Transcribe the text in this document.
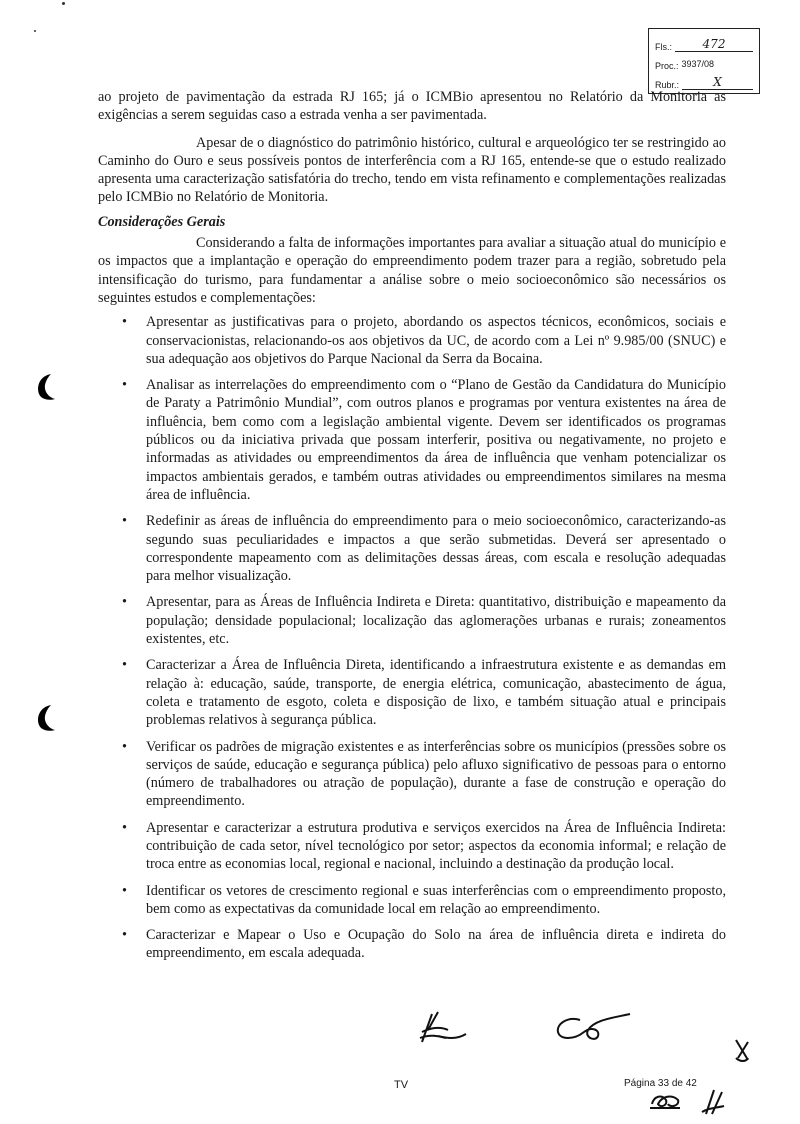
Fls.:	472
Proc.: 3937/08
Rubr.:	X

ao projeto de pavimentação da estrada RJ 165; já o ICMBio apresentou no Relatório da Monitoria as exigências a serem seguidas caso a estrada venha a ser pavimentada.

Apesar de o diagnóstico do patrimônio histórico, cultural e arqueológico ter se restringido ao Caminho do Ouro e seus possíveis pontos de interferência com a RJ 165, entende-se que o estudo realizado apresenta uma caracterização satisfatória do trecho, tendo em vista refinamento e complementações realizadas pelo ICMBio no Relatório de Monitoria.

Considerações Gerais

Considerando a falta de informações importantes para avaliar a situação atual do município e os impactos que a implantação e operação do empreendimento podem trazer para a região, sobretudo pela intensificação do turismo, para fundamentar a análise sobre o meio socioeconômico são necessários os seguintes estudos e complementações:

• Apresentar as justificativas para o projeto, abordando os aspectos técnicos, econômicos, sociais e conservacionistas, relacionando-os aos objetivos da UC, de acordo com a Lei nº 9.985/00 (SNUC) e sua adequação aos objetivos do Parque Nacional da Serra da Bocaina.
• Analisar as interrelações do empreendimento com o “Plano de Gestão da Candidatura do Município de Paraty a Patrimônio Mundial”, com outros planos e programas por ventura existentes na área de influência, bem como com a legislação ambiental vigente. Devem ser identificados os programas públicos ou da iniciativa privada que possam interferir, positiva ou negativamente, no projeto e informadas as atividades ou empreendimentos da área de influência que venham potencializar os impactos ambientais gerados, e também outras atividades ou empreendimentos similares na mesma área de influência.
• Redefinir as áreas de influência do empreendimento para o meio socioeconômico, caracterizando-as segundo suas peculiaridades e impactos a que serão submetidas. Deverá ser apresentado o correspondente mapeamento com as delimitações dessas áreas, com escala e resolução adequadas para melhor visualização.
• Apresentar, para as Áreas de Influência Indireta e Direta: quantitativo, distribuição e mapeamento da população; densidade populacional; localização das aglomerações urbanas e rurais; zoneamentos existentes, etc.
• Caracterizar a Área de Influência Direta, identificando a infraestrutura existente e as demandas em relação à: educação, saúde, transporte, de energia elétrica, comunicação, abastecimento de água, coleta e tratamento de esgoto, coleta e disposição de lixo, e também situação atual e principais problemas relativos à segurança pública.
• Verificar os padrões de migração existentes e as interferências sobre os municípios (pressões sobre os serviços de saúde, educação e segurança pública) pelo afluxo significativo de pessoas para o entorno (número de trabalhadores ou atração de população), durante a fase de construção e operação do empreendimento.
• Apresentar e caracterizar a estrutura produtiva e serviços exercidos na Área de Influência Indireta: contribuição de cada setor, nível tecnológico por setor; aspectos da economia informal; e relação de troca entre as economias local, regional e nacional, incluindo a destinação da produção local.
• Identificar os vetores de crescimento regional e suas interferências com o empreendimento proposto, bem como as expectativas da comunidade local em relação ao empreendimento.
• Caracterizar e Mapear o Uso e Ocupação do Solo na área de influência direta e indireta do empreendimento, em escala adequada.
TV	Página 33 de 42
